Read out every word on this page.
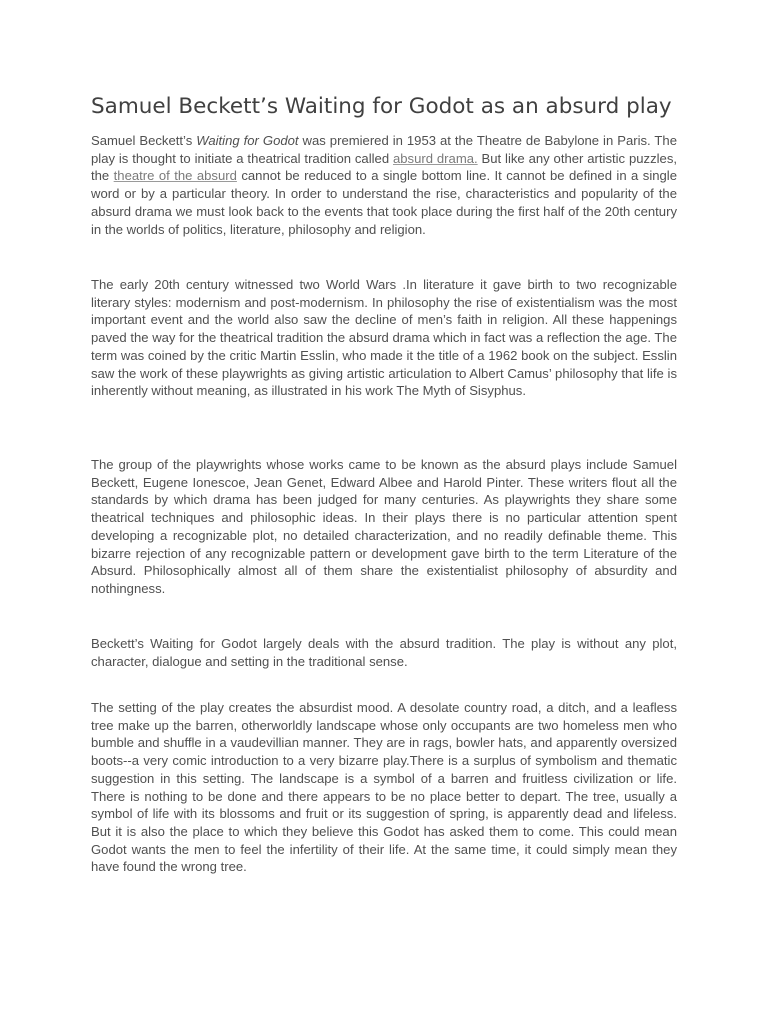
Samuel Beckett’s Waiting for Godot as an absurd play

Samuel Beckett’s Waiting for Godot was premiered in 1953 at the Theatre de Babylone in Paris. The play is thought to initiate a theatrical tradition called absurd drama. But like any other artistic puzzles, the theatre of the absurd cannot be reduced to a single bottom line. It cannot be defined in a single word or by a particular theory. In order to understand the rise, characteristics and popularity of the absurd drama we must look back to the events that took place during the first half of the 20th century in the worlds of politics, literature, philosophy and religion.

The early 20th century witnessed two World Wars .In literature it gave birth to two recognizable literary styles: modernism and post-modernism. In philosophy the rise of existentialism was the most important event and the world also saw the decline of men’s faith in religion. All these happenings paved the way for the theatrical tradition the absurd drama which in fact was a reflection the age. The term was coined by the critic Martin Esslin, who made it the title of a 1962 book on the subject. Esslin saw the work of these playwrights as giving artistic articulation to Albert Camus’ philosophy that life is inherently without meaning, as illustrated in his work The Myth of Sisyphus.

The group of the playwrights whose works came to be known as the absurd plays include Samuel Beckett, Eugene Ionescoe, Jean Genet, Edward Albee and Harold Pinter. These writers flout all the standards by which drama has been judged for many centuries. As playwrights they share some theatrical techniques and philosophic ideas. In their plays there is no particular attention spent developing a recognizable plot, no detailed characterization, and no readily definable theme. This bizarre rejection of any recognizable pattern or development gave birth to the term Literature of the Absurd. Philosophically almost all of them share the existentialist philosophy of absurdity and nothingness.

Beckett’s Waiting for Godot largely deals with the absurd tradition. The play is without any plot, character, dialogue and setting in the traditional sense.

The setting of the play creates the absurdist mood. A desolate country road, a ditch, and a leafless tree make up the barren, otherworldly landscape whose only occupants are two homeless men who bumble and shuffle in a vaudevillian manner. They are in rags, bowler hats, and apparently oversized boots--a very comic introduction to a very bizarre play.There is a surplus of symbolism and thematic suggestion in this setting. The landscape is a symbol of a barren and fruitless civilization or life. There is nothing to be done and there appears to be no place better to depart. The tree, usually a symbol of life with its blossoms and fruit or its suggestion of spring, is apparently dead and lifeless. But it is also the place to which they believe this Godot has asked them to come. This could mean Godot wants the men to feel the infertility of their life. At the same time, it could simply mean they have found the wrong tree.
